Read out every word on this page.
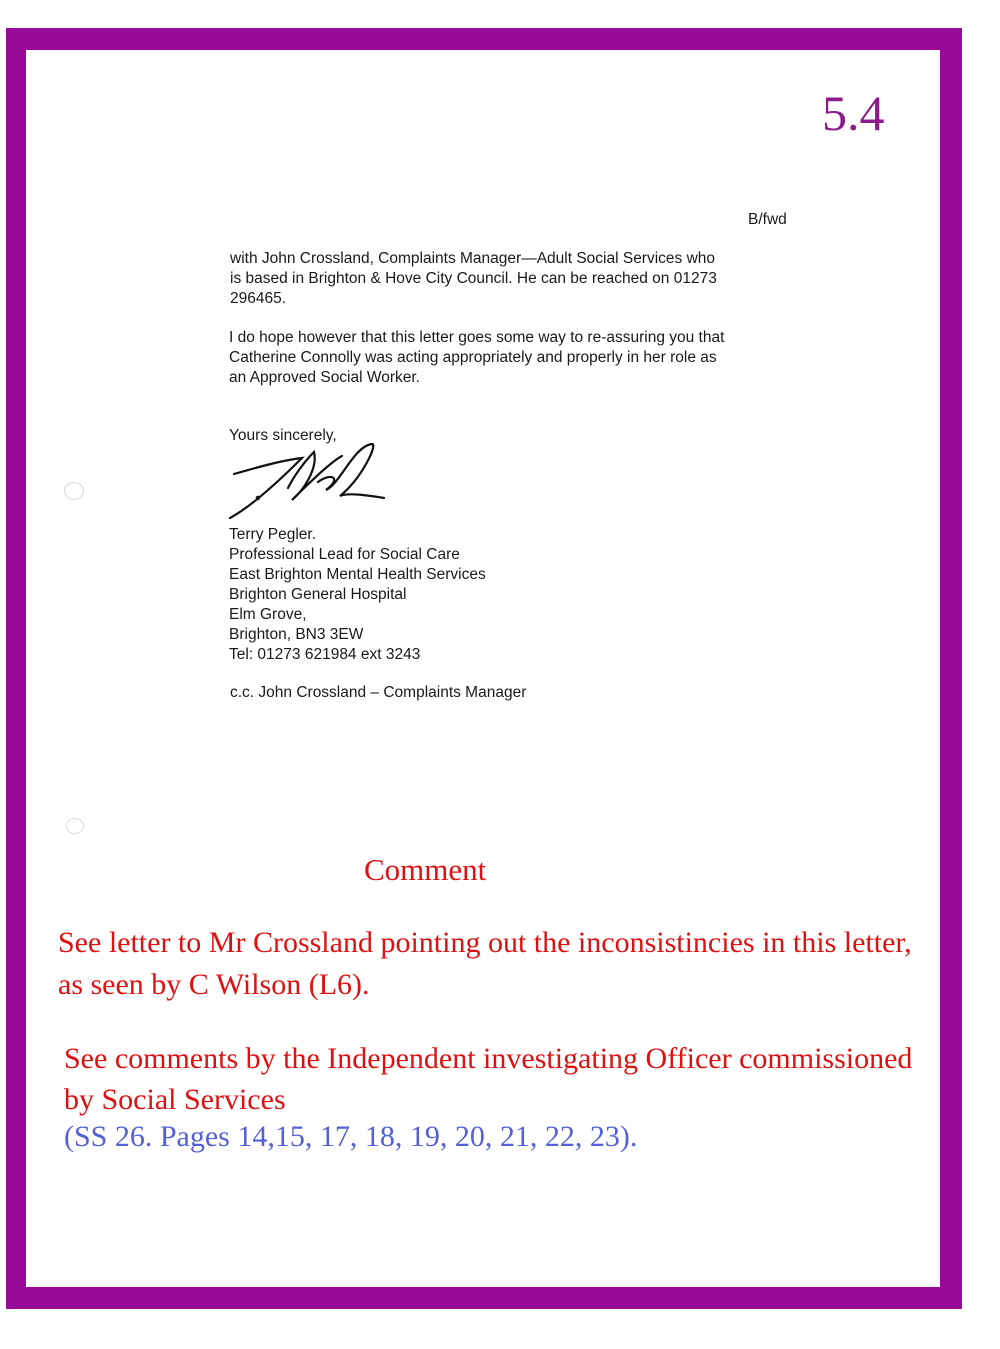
5.4
B/fwd

with John Crossland, Complaints Manager—Adult Social Services who
is based in Brighton & Hove City Council. He can be reached on 01273
296465.

I do hope however that this letter goes some way to re-assuring you that
Catherine Connolly was acting appropriately and properly in her role as
an Approved Social Worker.

Yours sincerely,
Terry Pegler.
Professional Lead for Social Care
East Brighton Mental Health Services
Brighton General Hospital
Elm Grove,
Brighton, BN3 3EW
Tel: 01273 621984 ext 3243
c.c. John Crossland – Complaints Manager
Comment

See letter to Mr Crossland pointing out the inconsistincies in this letter, as seen by C Wilson (L6).

See comments by the Independent investigating Officer commissioned by Social Services

(SS 26. Pages 14,15, 17, 18, 19, 20, 21, 22, 23).
